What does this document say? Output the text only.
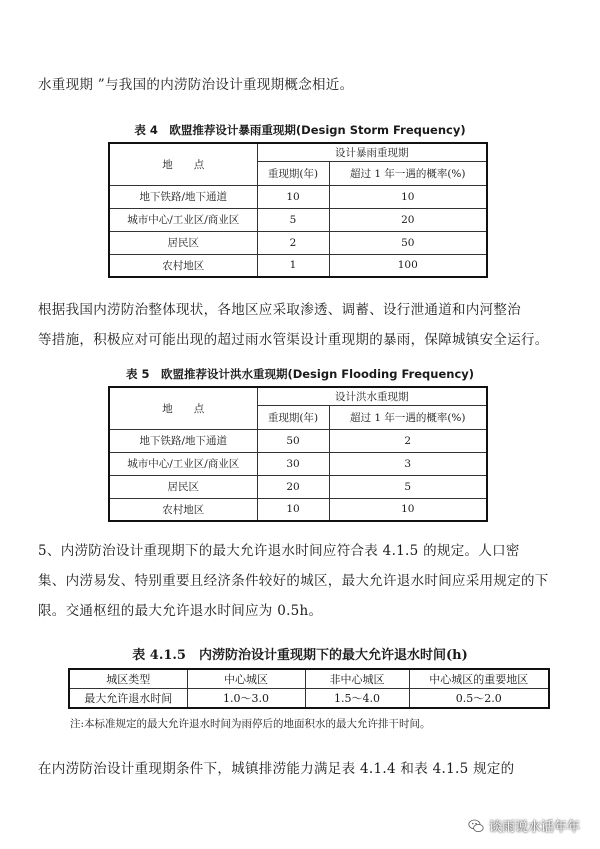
水重现期 ”与我国的内涝防治设计重现期概念相近。
表 4　欧盟推荐设计暴雨重现期(Design Storm Frequency)
地　　点	设计暴雨重现期	
	重现期(年)	超过 1 年一遇的概率(%)
地下铁路/地下通道	10	10
城市中心/工业区/商业区	5	20
居民区	2	50
农村地区	1	100
根据我国内涝防治整体现状，各地区应采取渗透、调蓄、设行泄通道和内河整治
等措施，积极应对可能出现的超过雨水管渠设计重现期的暴雨，保障城镇安全运行。
表 5　欧盟推荐设计洪水重现期(Design Flooding Frequency)
地　　点	设计洪水重现期	
	重现期(年)	超过 1 年一遇的概率(%)
地下铁路/地下通道	50	2
城市中心/工业区/商业区	30	3
居民区	20	5
农村地区	10	10
5、内涝防治设计重现期下的最大允许退水时间应符合表 4.1.5 的规定。人口密
集、内涝易发、特别重要且经济条件较好的城区，最大允许退水时间应采用规定的下
限。交通枢纽的最大允许退水时间应为 0.5h。
表 4.1.5　内涝防治设计重现期下的最大允许退水时间(h)
城区类型	中心城区	非中心城区	中心城区的重要地区
最大允许退水时间	1.0～3.0	1.5～4.0	0.5～2.0
注:本标准规定的最大允许退水时间为雨停后的地面积水的最大允许排干时间。
在内涝防治设计重现期条件下，城镇排涝能力满足表 4.1.4 和表 4.1.5 规定的
谈雨说水话年年
